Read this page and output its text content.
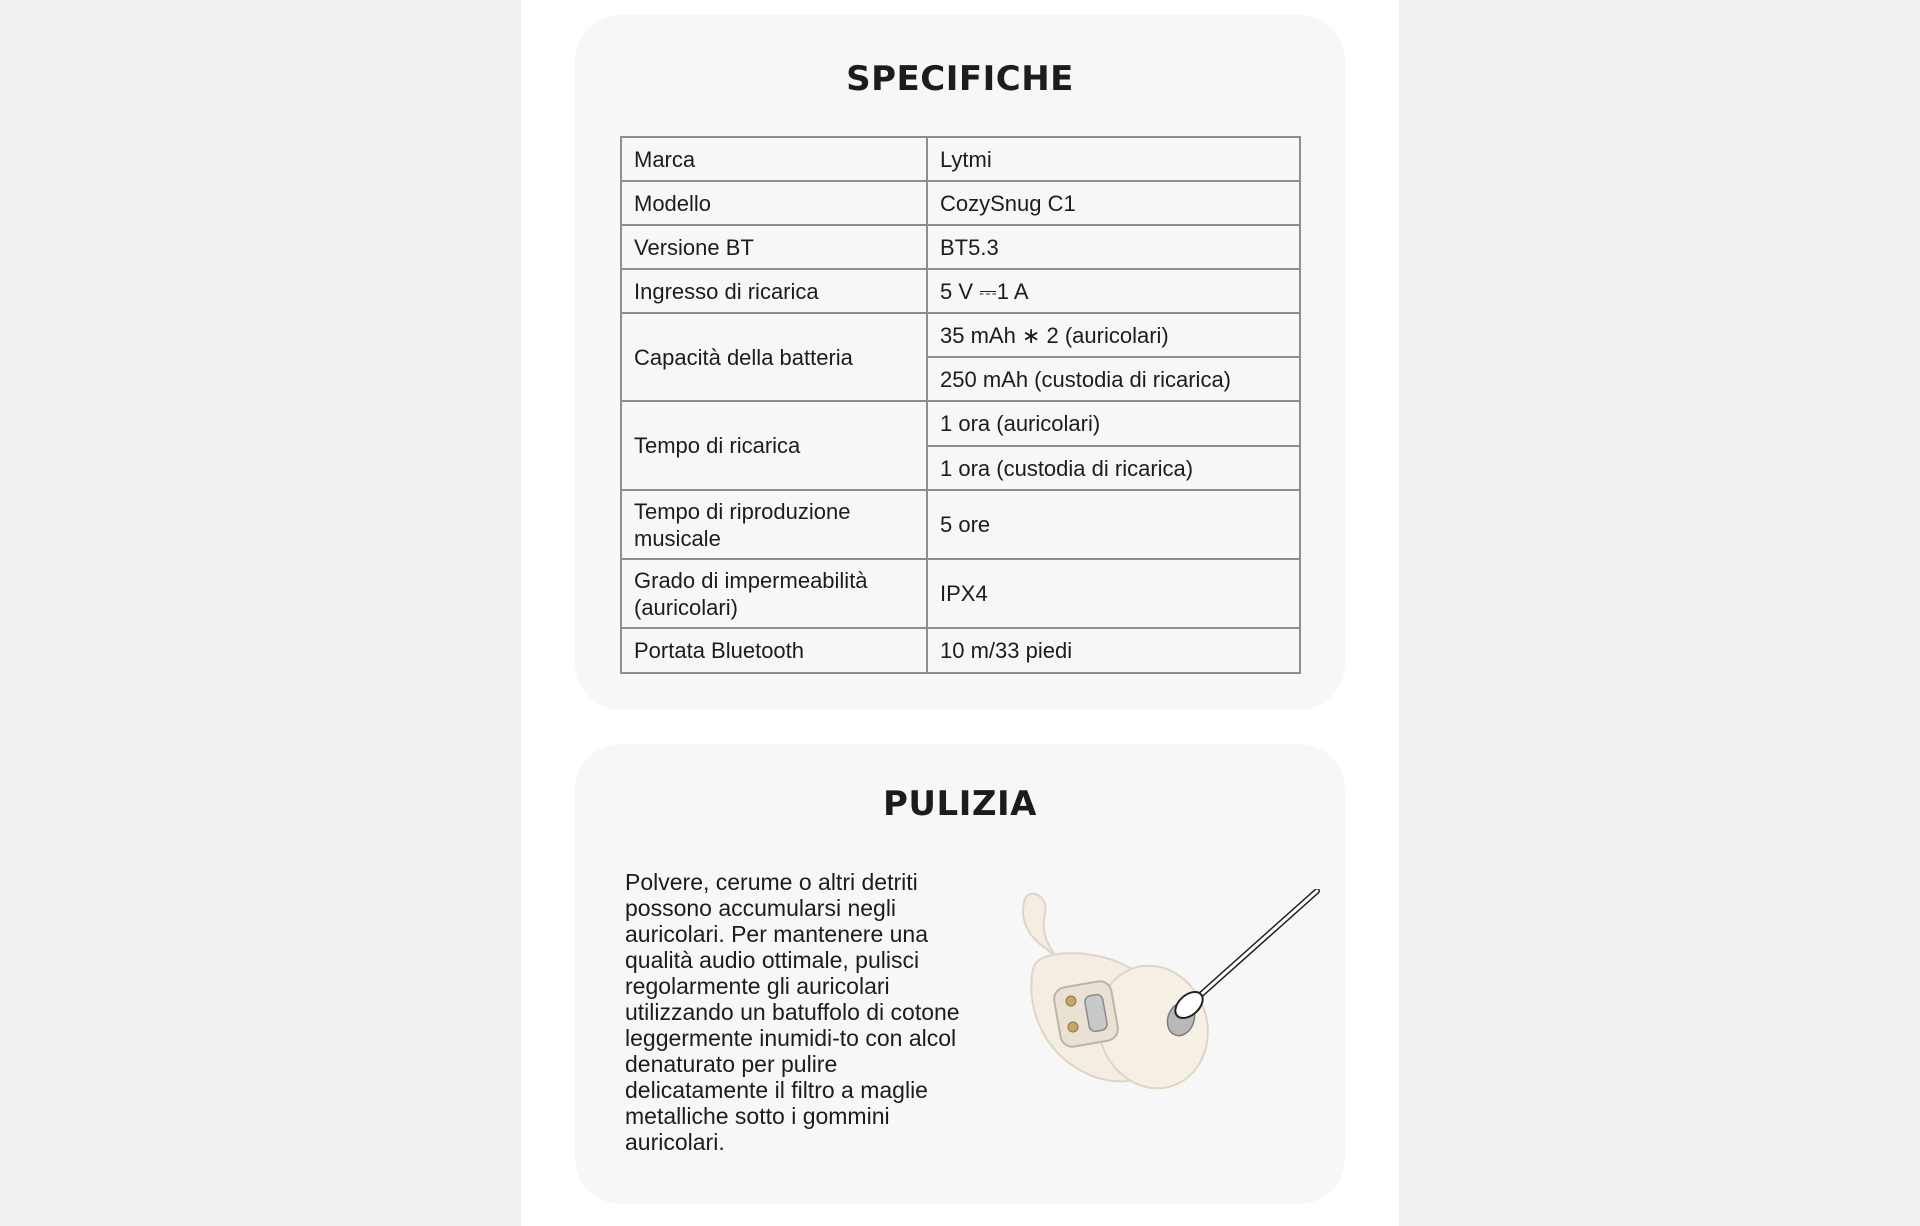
SPECIFICHE
Marca	Lytmi
Modello	CozySnug C1
Versione BT	BT5.3
Ingresso di ricarica	5 V ⎓1 A
Capacità della batteria	35 mAh ∗ 2 (auricolari)
	250 mAh (custodia di ricarica)
Tempo di ricarica	1 ora (auricolari)
	1 ora (custodia di ricarica)
Tempo di riproduzione musicale	5 ore
Grado di impermeabilità (auricolari)	IPX4
Portata Bluetooth	10 m/33 piedi
PULIZIA

Polvere, cerume o altri detriti possono accumularsi negli auricolari. Per mantenere una qualità audio ottimale, pulisci regolarmente gli auricolari utilizzando un batuffolo di cotone leggermente inumidi-to con alcol denaturato per pulire delicatamente il filtro a maglie metalliche sotto i gommini auricolari.
